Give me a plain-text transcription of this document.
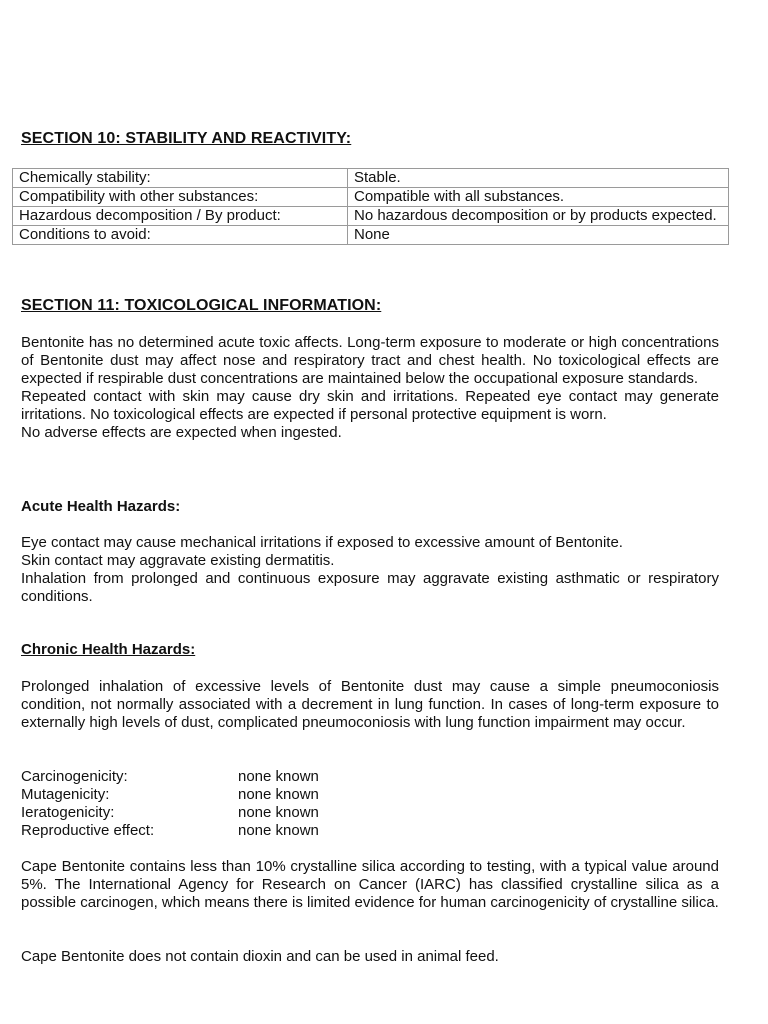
SECTION 10: STABILITY AND REACTIVITY:
Chemically stability:	Stable.
Compatibility with other substances:	Compatible with all substances.
Hazardous decomposition / By product:	No hazardous decomposition or by products expected.
Conditions to avoid:	None
SECTION 11: TOXICOLOGICAL INFORMATION:

Bentonite has no determined acute toxic affects. Long-term exposure to moderate or high concentrations of Bentonite dust may affect nose and respiratory tract and chest health. No toxicological effects are expected if respirable dust concentrations are maintained below the occupational exposure standards.

Repeated contact with skin may cause dry skin and irritations. Repeated eye contact may generate irritations. No toxicological effects are expected if personal protective equipment is worn.

No adverse effects are expected when ingested.

Acute Health Hazards:

Eye contact may cause mechanical irritations if exposed to excessive amount of Bentonite.

Skin contact may aggravate existing dermatitis.

Inhalation from prolonged and continuous exposure may aggravate existing asthmatic or respiratory conditions.

Chronic Health Hazards:

Prolonged inhalation of excessive levels of Bentonite dust may cause a simple pneumoconiosis condition, not normally associated with a decrement in lung function. In cases of long-term exposure to externally high levels of dust, complicated pneumoconiosis with lung function impairment may occur.

Carcinogenicity:	none known
Mutagenicity:	none known
Ieratogenicity:	none known
Reproductive effect:	none known

Cape Bentonite contains less than 10% crystalline silica according to testing, with a typical value around 5%. The International Agency for Research on Cancer (IARC) has classified crystalline silica as a possible carcinogen, which means there is limited evidence for human carcinogenicity of crystalline silica.

Cape Bentonite does not contain dioxin and can be used in animal feed.
